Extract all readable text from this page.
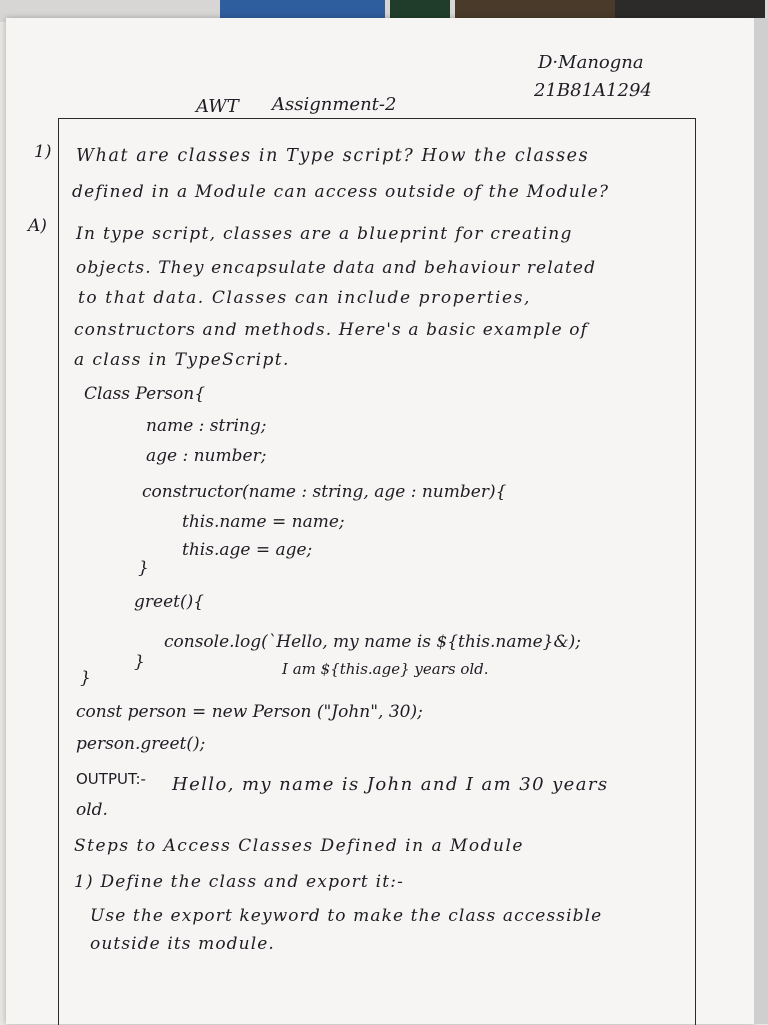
D·Manogna
21B81A1294
AWT Assignment-2
1) What are classes in Type script? How the classes
defined in a Module can access outside of the Module?
A) In type script, classes are a blueprint for creating
objects. They encapsulate data and behaviour related
to that data. Classes can include properties,
constructors and methods. Here's a basic example of
a class in TypeScript.
Class Person{
name : string;
age : number;
constructor(name : string, age : number){
this.name = name;
this.age = age;
}
greet(){
console.log(`Hello, my name is ${this.name}&);
I am ${this.age} years old.
}
}
const person = new Person ("John", 30);
person.greet();
OUTPUT:- Hello, my name is John and I am 30 years
old.
Steps to Access Classes Defined in a Module
1) Define the class and export it:-
Use the export keyword to make the class accessible
outside its module.
